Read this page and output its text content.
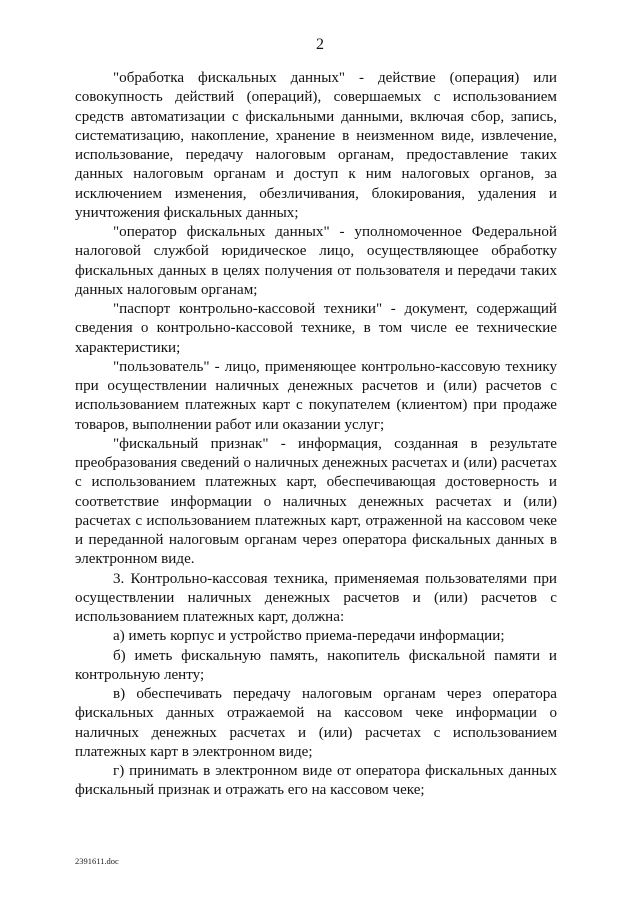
2

"обработка фискальных данных" - действие (операция) или совокупность действий (операций), совершаемых с использованием средств автоматизации с фискальными данными, включая сбор, запись, систематизацию, накопление, хранение в неизменном виде, извлечение, использование, передачу налоговым органам, предоставление таких данных налоговым органам и доступ к ним налоговых органов, за исключением изменения, обезличивания, блокирования, удаления и уничтожения фискальных данных;

"оператор фискальных данных" - уполномоченное Федеральной налоговой службой юридическое лицо, осуществляющее обработку фискальных данных в целях получения от пользователя и передачи таких данных налоговым органам;

"паспорт контрольно-кассовой техники" - документ, содержащий сведения о контрольно-кассовой технике, в том числе ее технические характеристики;

"пользователь" - лицо, применяющее контрольно-кассовую технику при осуществлении наличных денежных расчетов и (или) расчетов с использованием платежных карт с покупателем (клиентом) при продаже товаров, выполнении работ или оказании услуг;

"фискальный признак" - информация, созданная в результате преобразования сведений о наличных денежных расчетах и (или) расчетах с использованием платежных карт, обеспечивающая достоверность и соответствие информации о наличных денежных расчетах и (или) расчетах с использованием платежных карт, отраженной на кассовом чеке и переданной налоговым органам через оператора фискальных данных в электронном виде.

3. Контрольно-кассовая техника, применяемая пользователями при осуществлении наличных денежных расчетов и (или) расчетов с использованием платежных карт, должна:

а) иметь корпус и устройство приема-передачи информации;

б) иметь фискальную память, накопитель фискальной памяти и контрольную ленту;

в) обеспечивать передачу налоговым органам через оператора фискальных данных отражаемой на кассовом чеке информации о наличных денежных расчетах и (или) расчетах с использованием платежных карт в электронном виде;

г) принимать в электронном виде от оператора фискальных данных фискальный признак и отражать его на кассовом чеке;

2391611.doc
